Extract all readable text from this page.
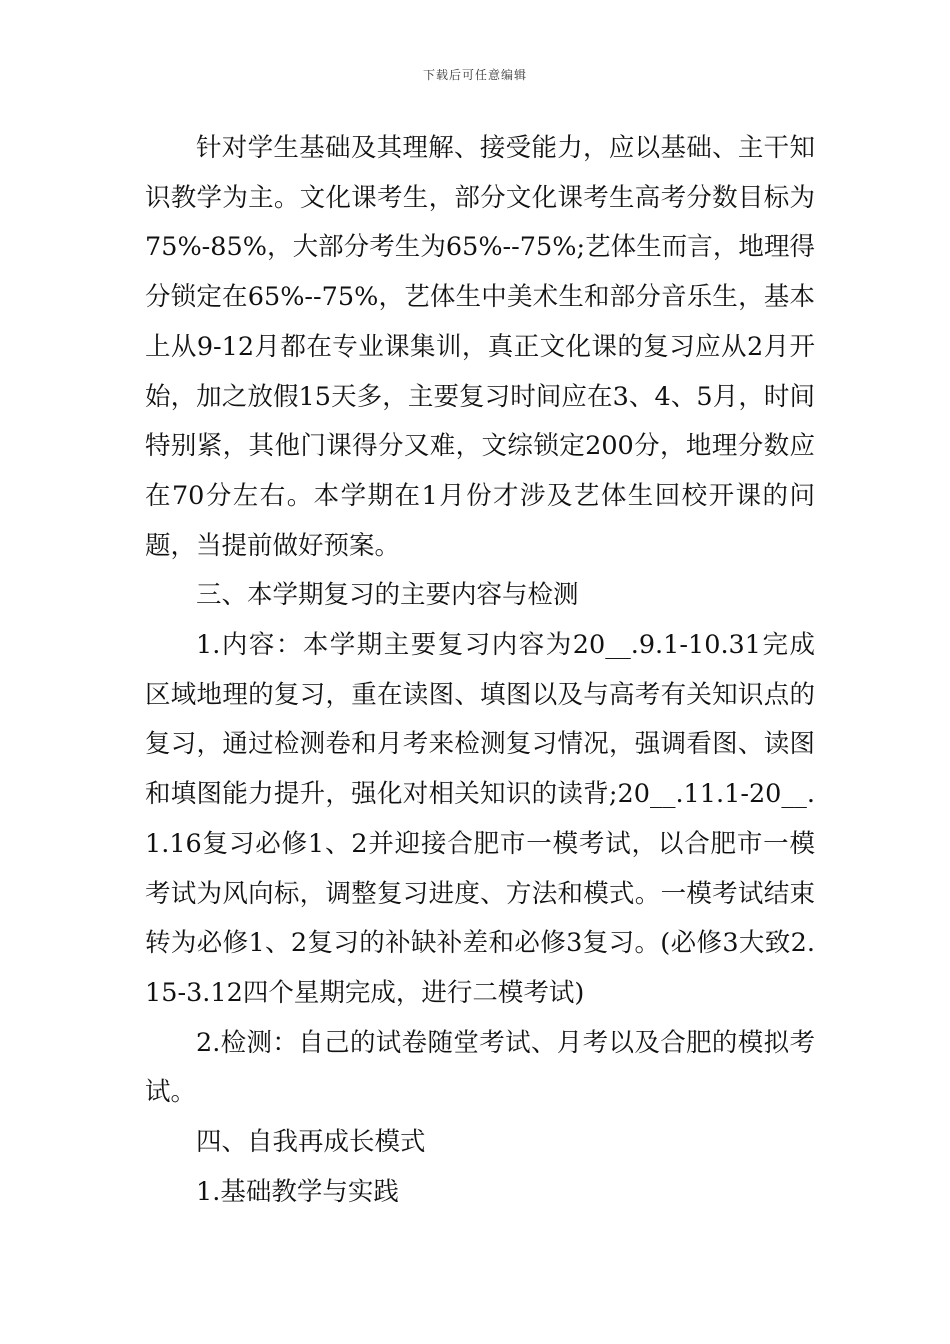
下载后可任意编辑

针对学生基础及其理解、接受能力，应以基础、主干知识教学为主。文化课考生，部分文化课考生高考分数目标为75%-85%，大部分考生为65%--75%;艺体生而言，地理得分锁定在65%--75%，艺体生中美术生和部分音乐生，基本上从9-12月都在专业课集训，真正文化课的复习应从2月开始，加之放假15天多，主要复习时间应在3、4、5月，时间特别紧，其他门课得分又难，文综锁定200分，地理分数应在70分左右。本学期在1月份才涉及艺体生回校开课的问题，当提前做好预案。

三、本学期复习的主要内容与检测

1.内容：本学期主要复习内容为20__.9.1-10.31完成区域地理的复习，重在读图、填图以及与高考有关知识点的复习，通过检测卷和月考来检测复习情况，强调看图、读图和填图能力提升，强化对相关知识的读背;20__.11.1-20__.1.16复习必修1、2并迎接合肥市一模考试，以合肥市一模考试为风向标，调整复习进度、方法和模式。一模考试结束转为必修1、2复习的补缺补差和必修3复习。(必修3大致2.15-3.12四个星期完成，进行二模考试)

2.检测：自己的试卷随堂考试、月考以及合肥的模拟考试。

四、自我再成长模式

1.基础教学与实践
